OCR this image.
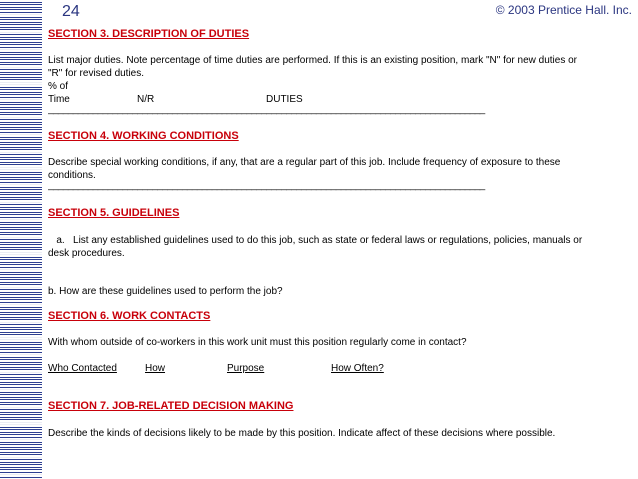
24	© 2003 Prentice Hall. Inc.
SECTION 3. DESCRIPTION OF DUTIES
List major duties. Note percentage of time duties are performed. If this is an existing position, mark "N" for new duties or
"R" for revised duties.
% of
Time	N/R	DUTIES
________________________________________________________________________________________
SECTION 4. WORKING CONDITIONS
Describe special working conditions, if any, that are a regular part of this job. Include frequency of exposure to these
conditions.
________________________________________________________________________________________
SECTION 5. GUIDELINES
a.   List any established guidelines used to do this job, such as state or federal laws or regulations, policies, manuals or
desk procedures.
b. How are these guidelines used to perform the job?
SECTION 6. WORK CONTACTS
With whom outside of co-workers in this work unit must this position regularly come in contact?
Who Contacted	How	Purpose	How Often?
SECTION 7. JOB-RELATED DECISION MAKING
Describe the kinds of decisions likely to be made by this position. Indicate affect of these decisions where possible.
